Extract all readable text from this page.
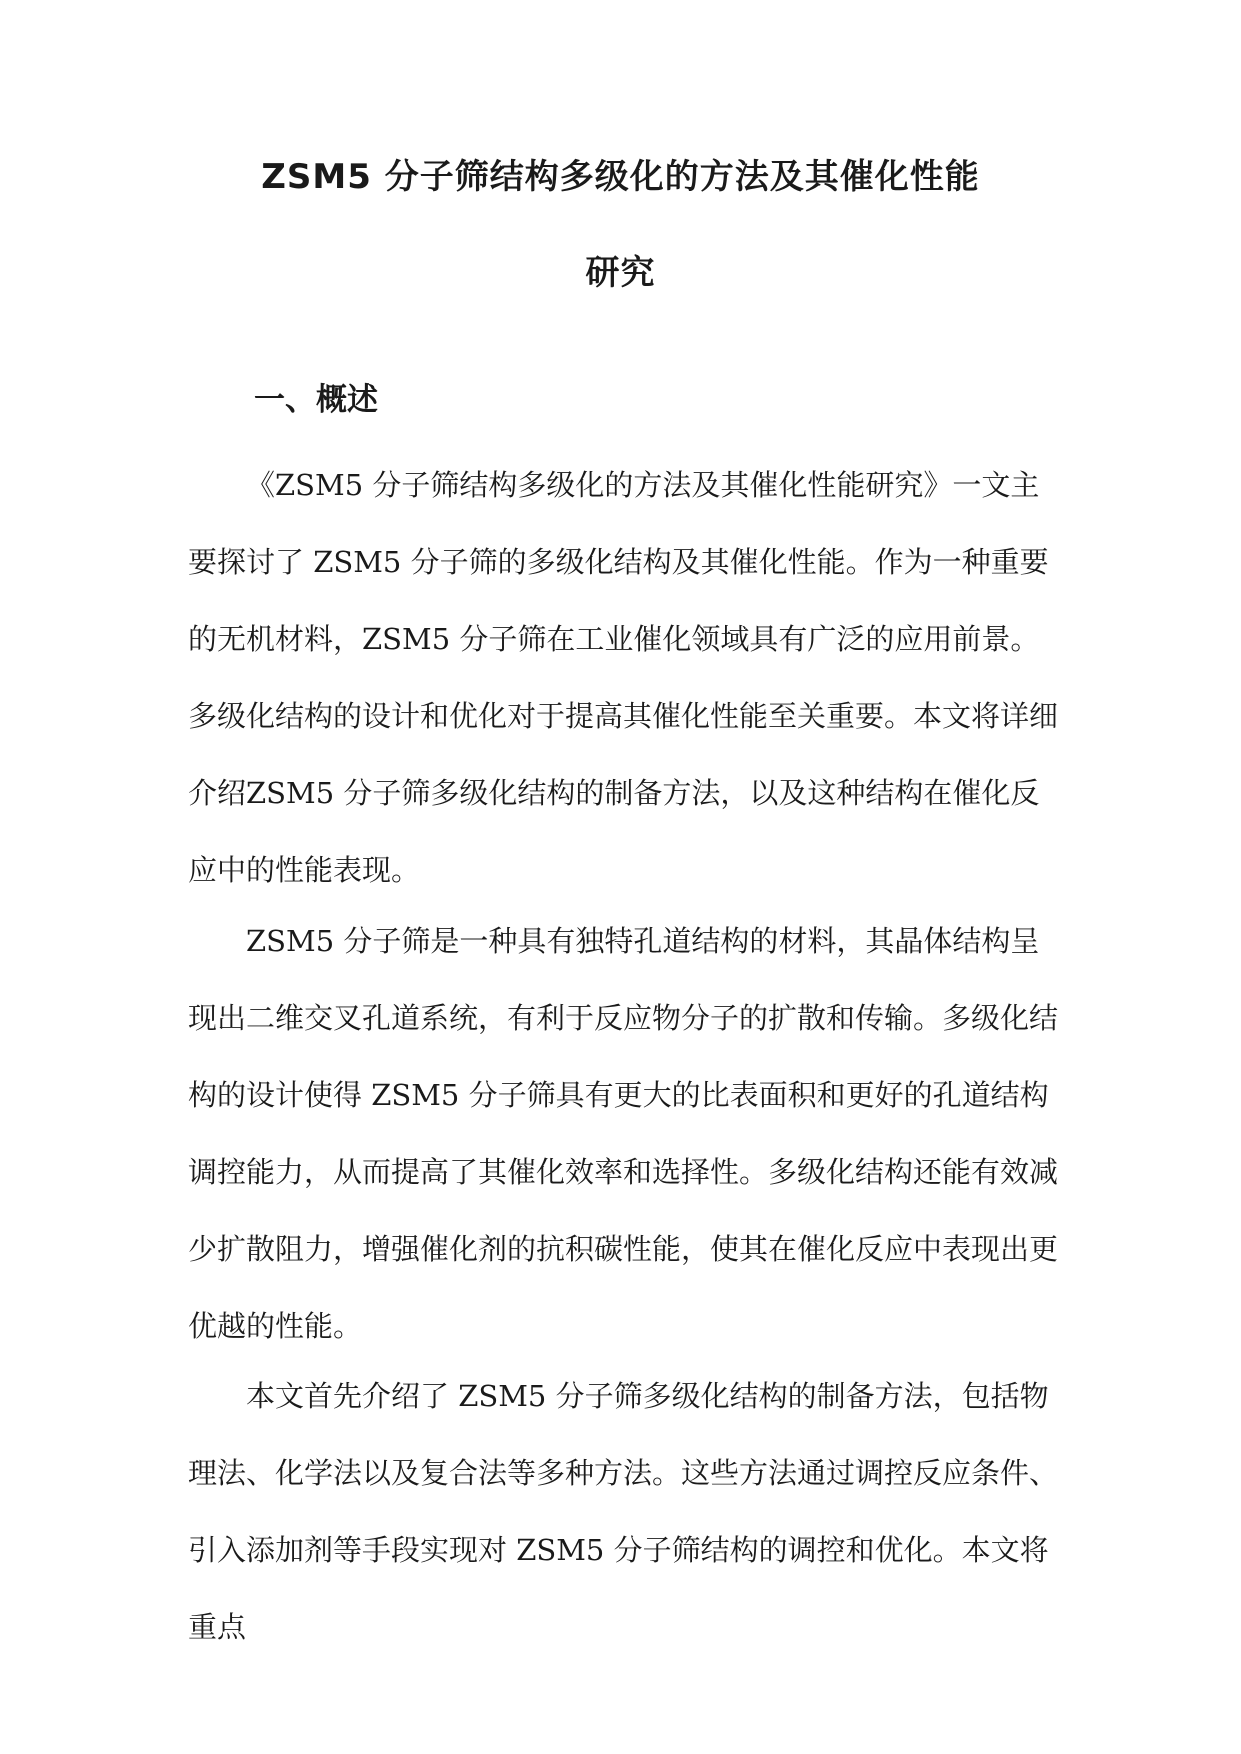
ZSM5 分子筛结构多级化的方法及其催化性能
研究
一、概述

《ZSM5 分子筛结构多级化的方法及其催化性能研究》一文主要探讨了 ZSM5 分子筛的多级化结构及其催化性能。作为一种重要的无机材料，ZSM5 分子筛在工业催化领域具有广泛的应用前景。多级化结构的设计和优化对于提高其催化性能至关重要。本文将详细介绍ZSM5 分子筛多级化结构的制备方法，以及这种结构在催化反应中的性能表现。

ZSM5 分子筛是一种具有独特孔道结构的材料，其晶体结构呈现出二维交叉孔道系统，有利于反应物分子的扩散和传输。多级化结构的设计使得 ZSM5 分子筛具有更大的比表面积和更好的孔道结构调控能力，从而提高了其催化效率和选择性。多级化结构还能有效减少扩散阻力，增强催化剂的抗积碳性能，使其在催化反应中表现出更优越的性能。

本文首先介绍了 ZSM5 分子筛多级化结构的制备方法，包括物理法、化学法以及复合法等多种方法。这些方法通过调控反应条件、引入添加剂等手段实现对 ZSM5 分子筛结构的调控和优化。本文将重点
